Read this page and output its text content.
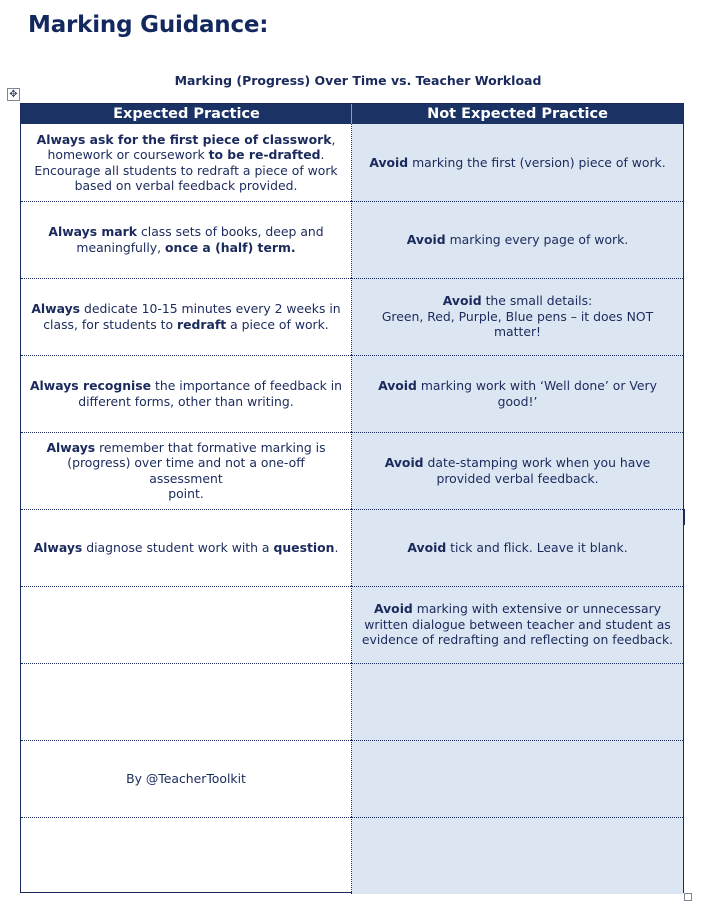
Marking Guidance:
Marking (Progress) Over Time vs. Teacher Workload
✥
Expected Practice	Not Expected Practice
Always ask for the first piece of classwork,
homework or coursework to be re-drafted.
Encourage all students to redraft a piece of work
based on verbal feedback provided.
Avoid marking the first (version) piece of work.
Always mark class sets of books, deep and
meaningfully, once a (half) term.
Avoid marking every page of work.
Always dedicate 10-15 minutes every 2 weeks in
class, for students to redraft a piece of work.

Avoid the small details:
Green, Red, Purple, Blue pens – it does NOT matter!
Always recognise the importance of feedback in
different forms, other than writing.

Avoid marking work with ‘Well done’ or Very good!’
Always remember that formative marking is
(progress) over time and not a one-off assessment
point.
Avoid date-stamping work when you have
provided verbal feedback.

Always diagnose student work with a question.	Avoid tick and flick. Leave it blank.
Avoid marking with extensive or unnecessary
written dialogue between teacher and student as
evidence of redrafting and reflecting on feedback.
By @TeacherToolkit
